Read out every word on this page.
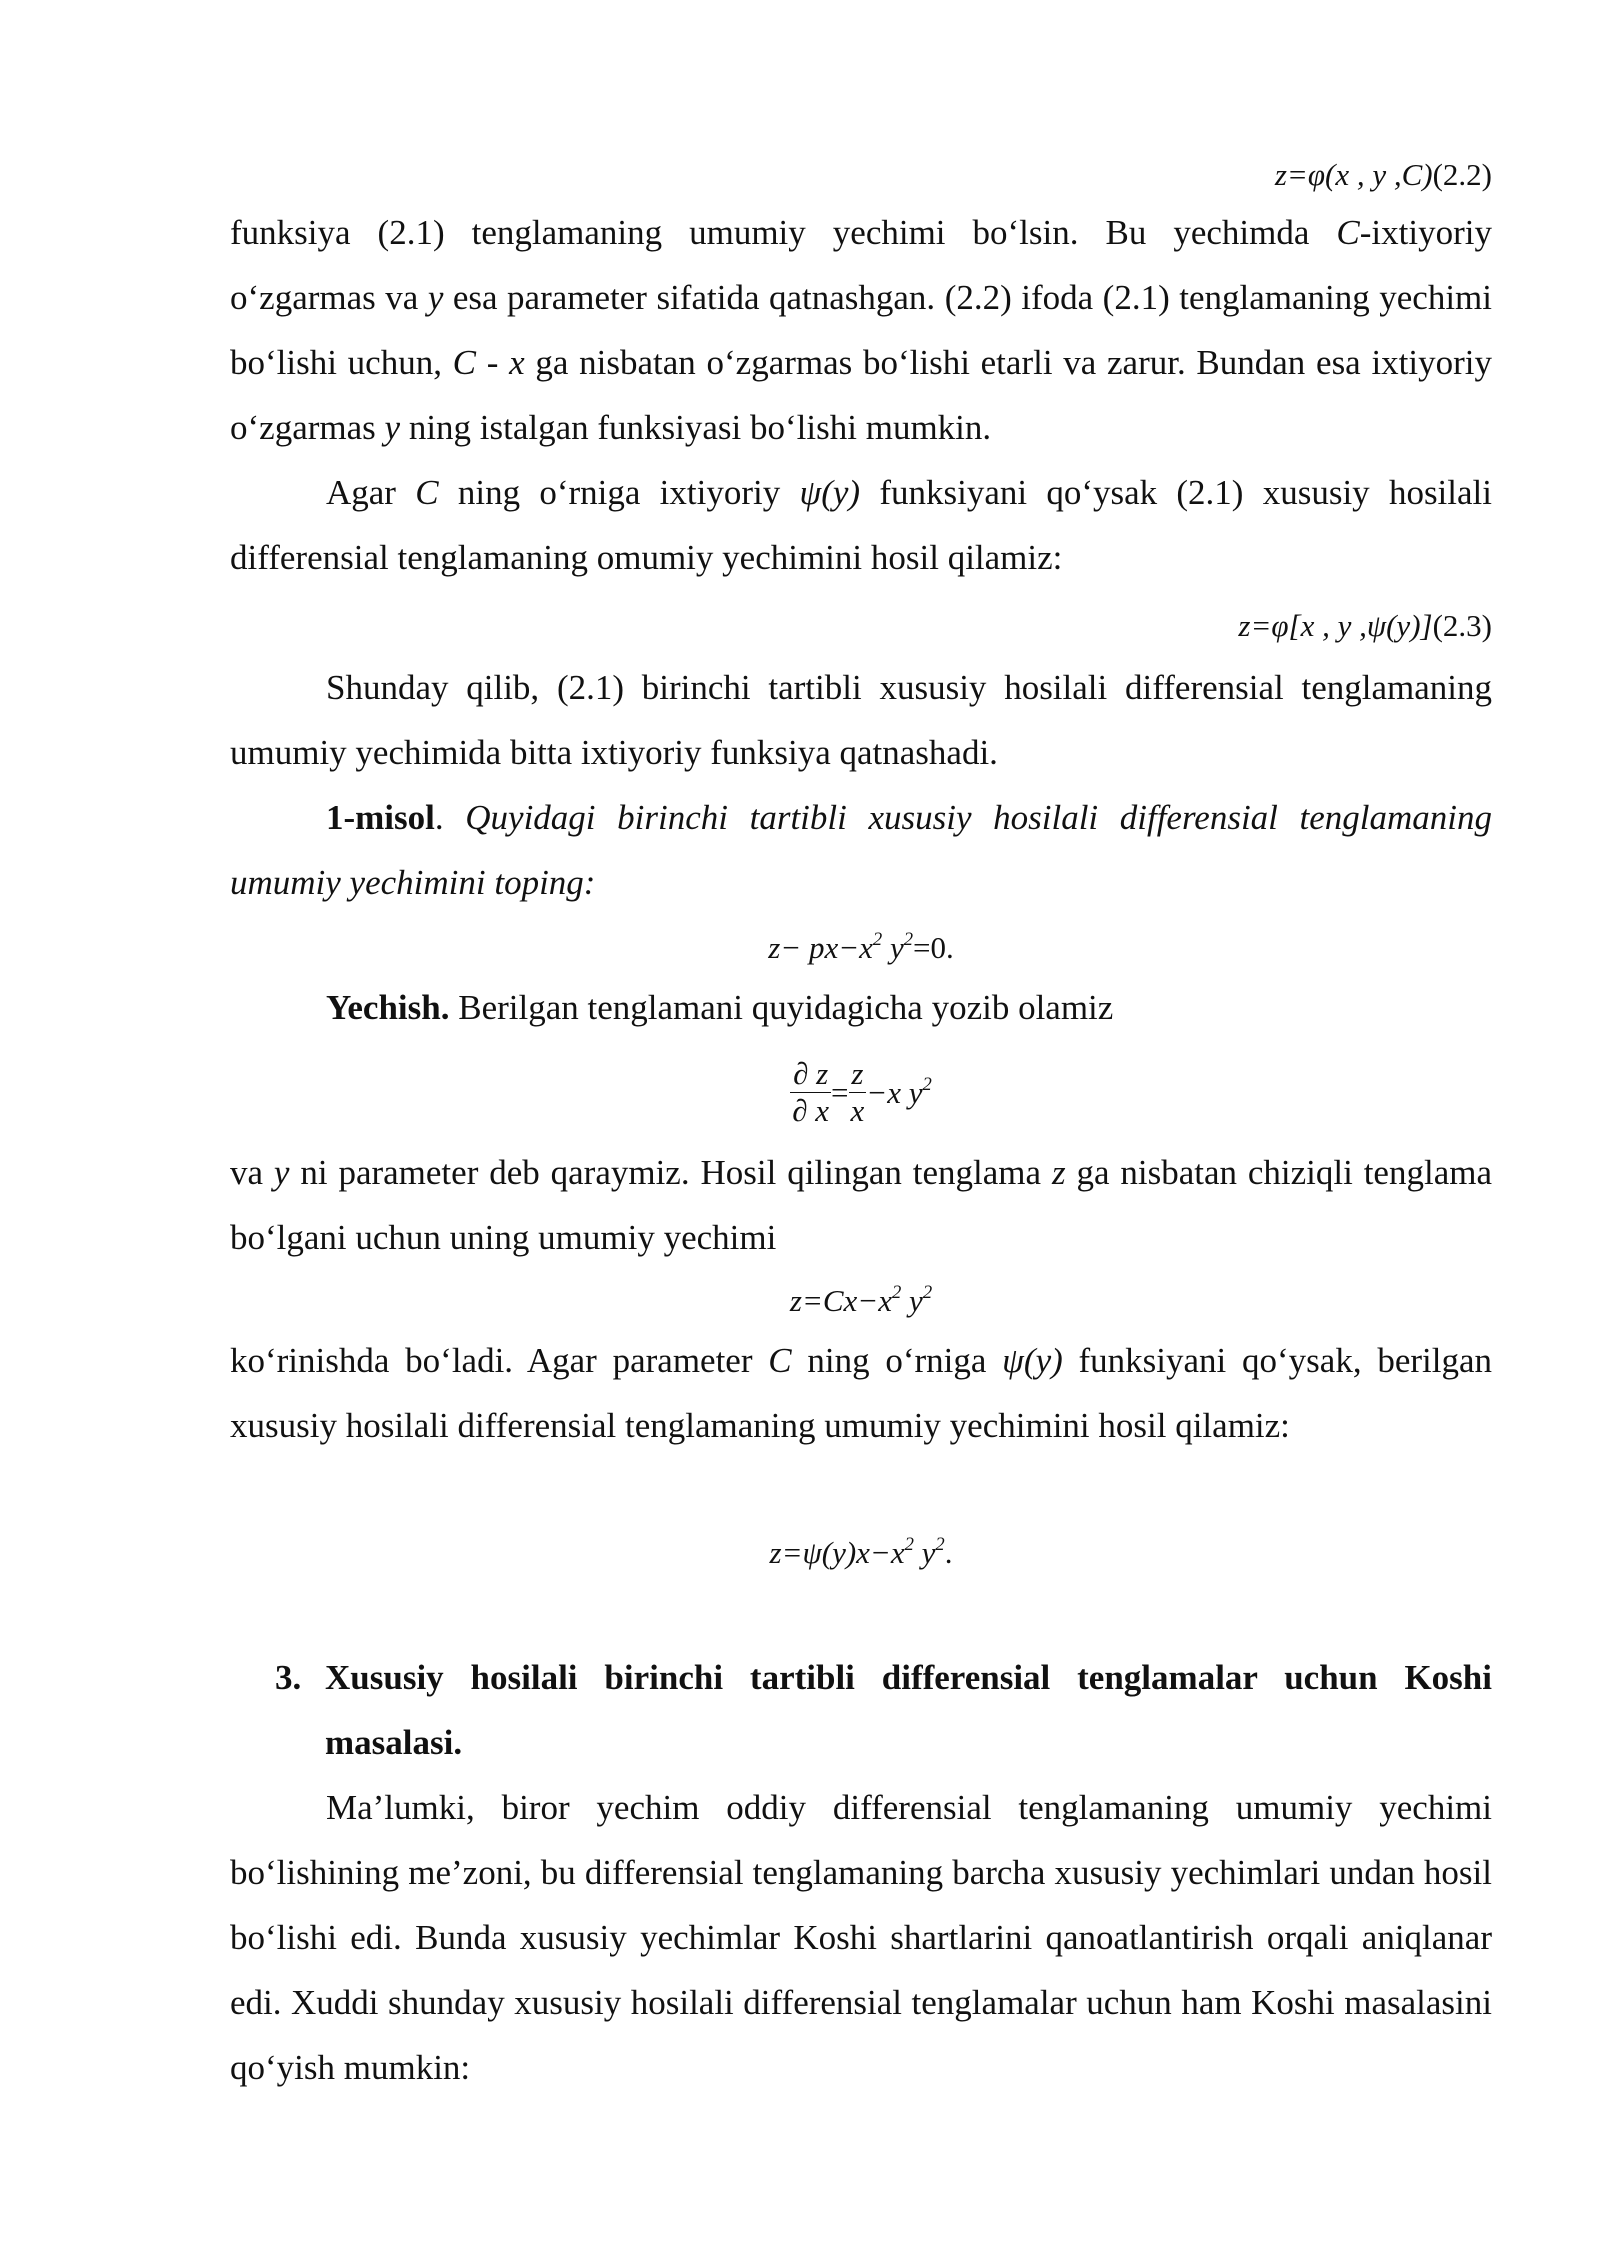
z=φ(x , y ,C)(2.2)

funksiya (2.1) tenglamaning umumiy yechimi bo‘lsin. Bu yechimda C-ixtiyoriy o‘zgarmas va y esa parameter sifatida qatnashgan. (2.2) ifoda (2.1) tenglamaning yechimi bo‘lishi uchun, C - x ga nisbatan o‘zgarmas bo‘lishi etarli va zarur. Bundan esa ixtiyoriy o‘zgarmas y ning istalgan funksiyasi bo‘lishi mumkin.

Agar C ning o‘rniga ixtiyoriy ψ(y) funksiyani qo‘ysak (2.1) xususiy hosilali differensial tenglamaning omumiy yechimini hosil qilamiz:

z=φ[x , y ,ψ(y)](2.3)

Shunday qilib, (2.1) birinchi tartibli xususiy hosilali differensial tenglamaning umumiy yechimida bitta ixtiyoriy funksiya qatnashadi.

1-misol. Quyidagi birinchi tartibli xususiy hosilali differensial tenglamaning umumiy yechimini toping:

$z- px-x^2$ $y^2=0$.

Yechish. Berilgan tenglamani quyidagicha yozib olamiz

$\frac{\partial z}{\partial x} = \frac{z}{x} -x$ $y^2$

va y ni parameter deb qaraymiz. Hosil qilingan tenglama z ga nisbatan chiziqli tenglama bo‘lgani uchun uning umumiy yechimi

$z=Cx-x^2$ $y^2$

ko‘rinishda bo‘ladi. Agar parameter C ning o‘rniga ψ(y) funksiyani qo‘ysak, berilgan xususiy hosilali differensial tenglamaning umumiy yechimini hosil qilamiz:

$z=\psi(y)x-x^2$ $y^2$.
3. Xususiy hosilali birinchi tartibli differensial tenglamalar uchun Koshi masalasi.

Ma’lumki, biror yechim oddiy differensial tenglamaning umumiy yechimi bo‘lishining me’zoni, bu differensial tenglamaning barcha xususiy yechimlari undan hosil bo‘lishi edi. Bunda xususiy yechimlar Koshi shartlarini qanoatlantirish orqali aniqlanar edi. Xuddi shunday xususiy hosilali differensial tenglamalar uchun ham Koshi masalasini qo‘yish mumkin:
